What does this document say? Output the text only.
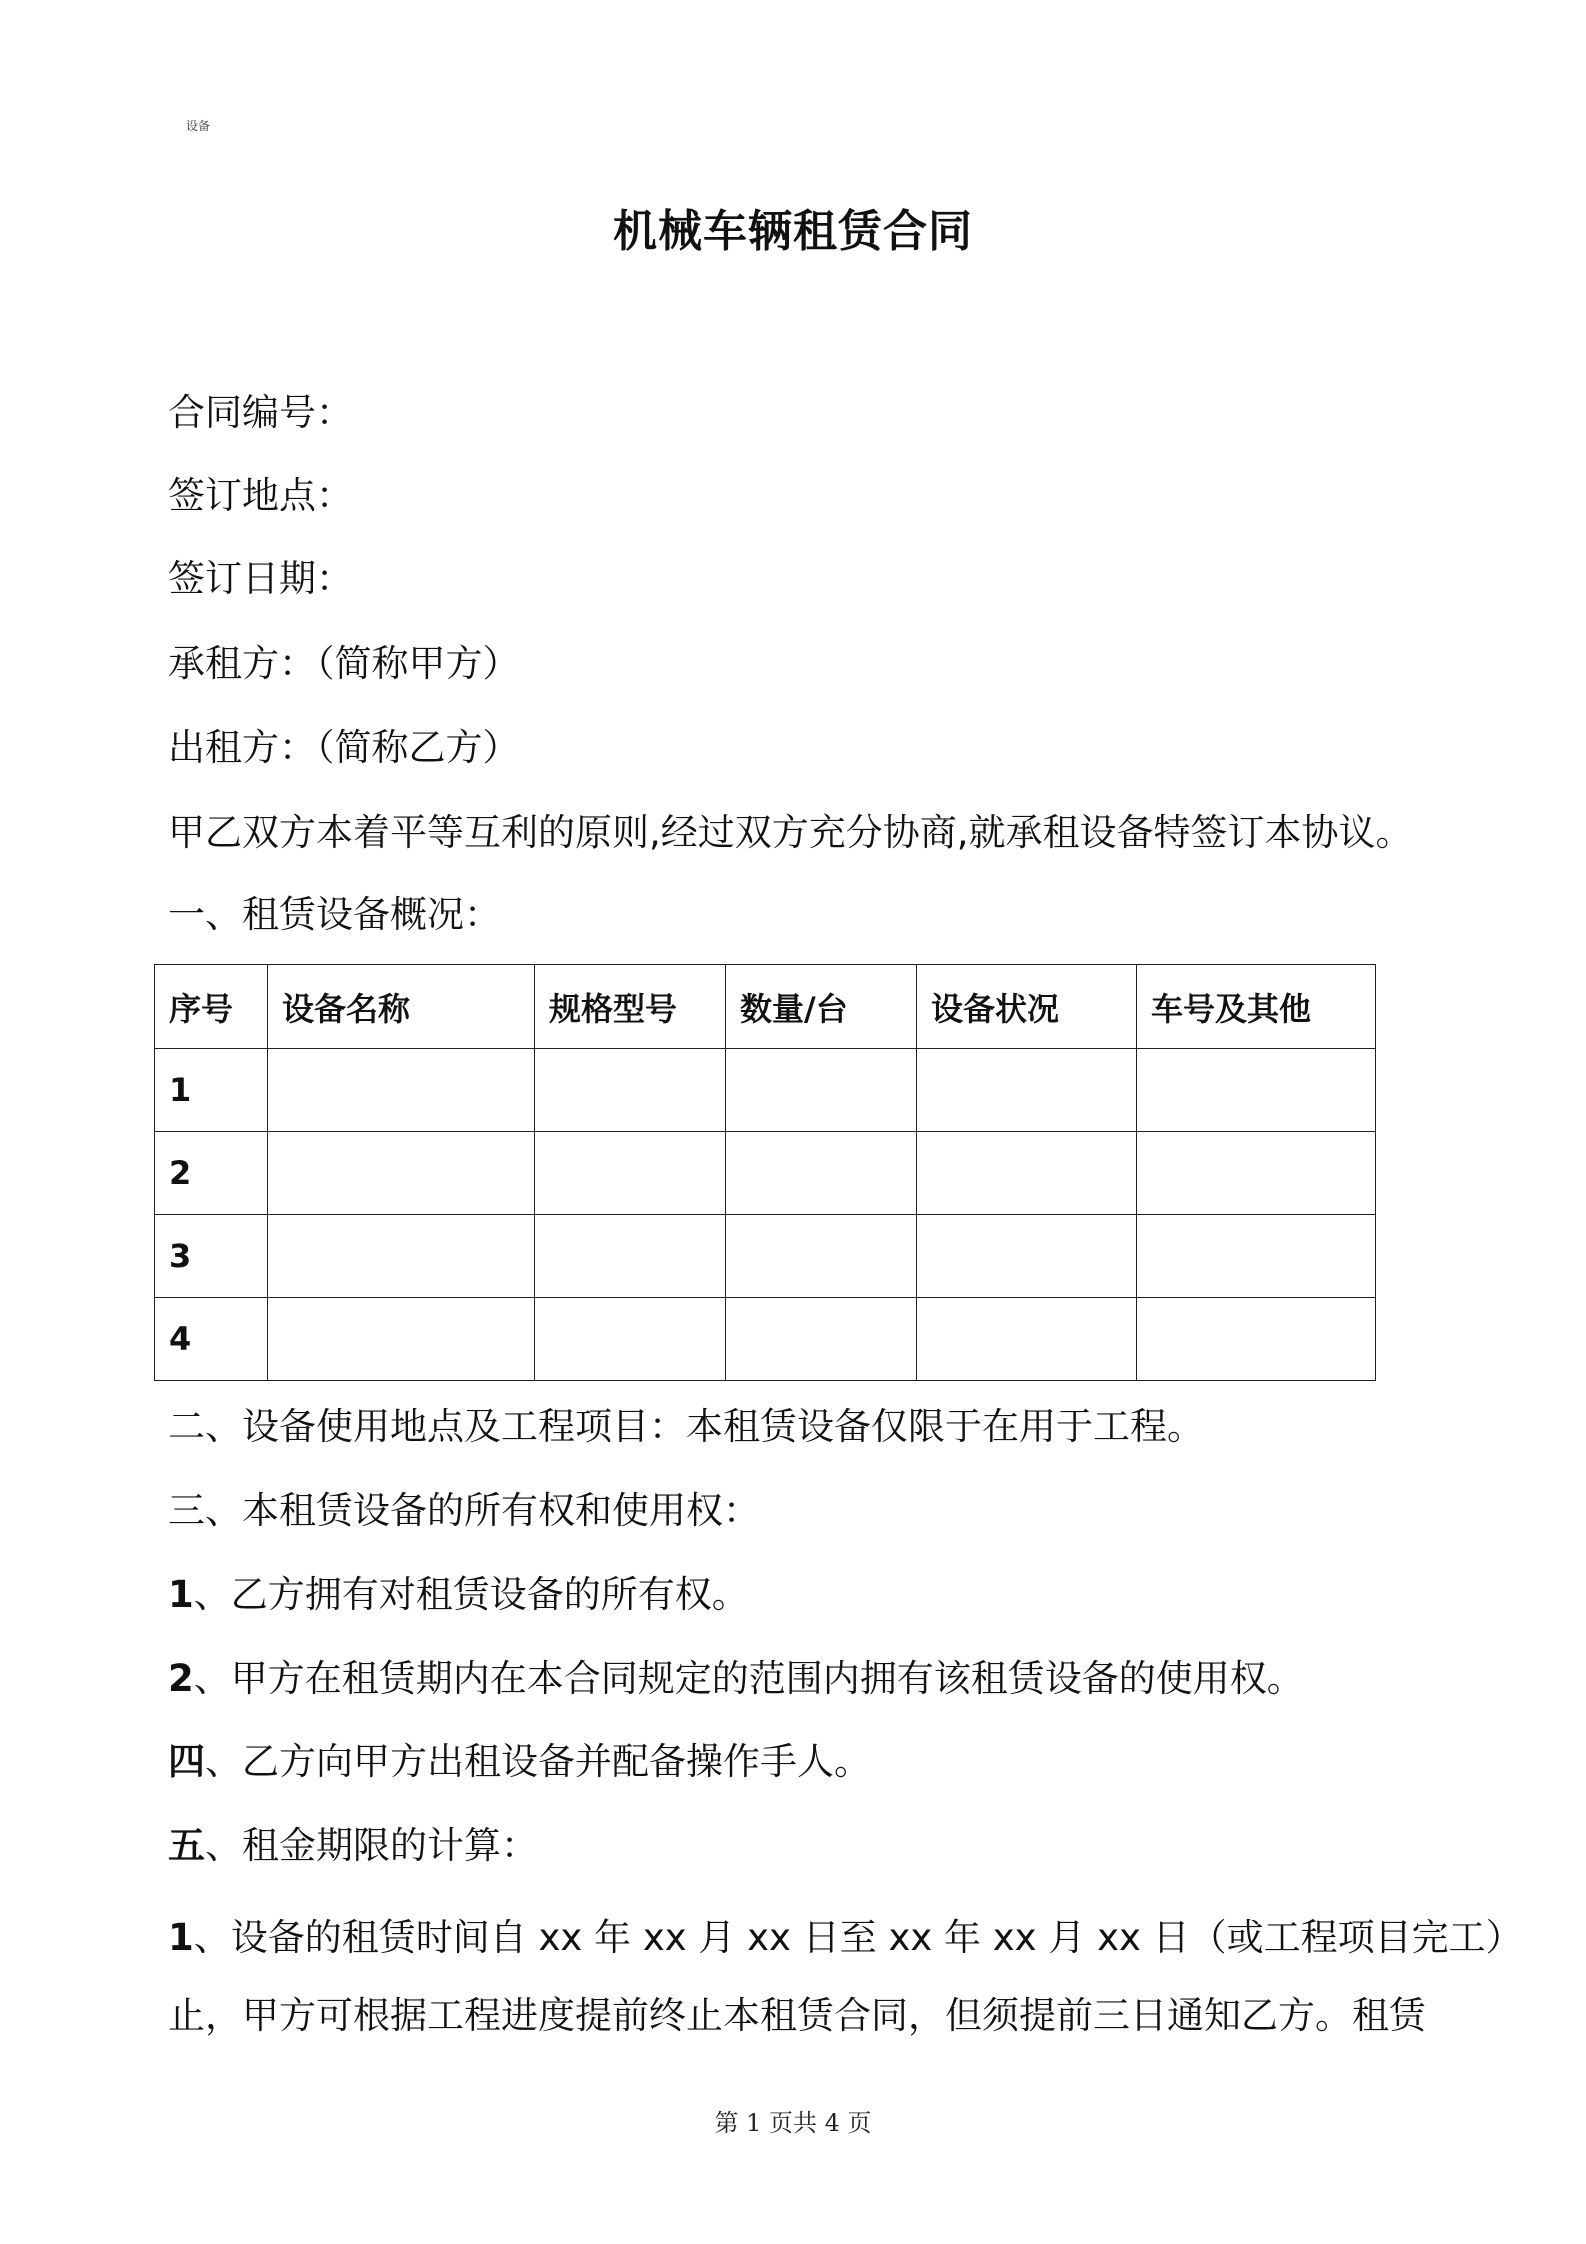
设备
机械车辆租赁合同
合同编号：
签订地点：
签订日期：
承租方：（简称甲方）
出租方：（简称乙方）
甲乙双方本着平等互利的原则,经过双方充分协商,就承租设备特签订本协议。
一、租赁设备概况：
序号	设备名称	规格型号	数量/台	设备状况	车号及其他
1					
2					
3					
4					
二、设备使用地点及工程项目：本租赁设备仅限于在用于工程。
三、本租赁设备的所有权和使用权：
1、乙方拥有对租赁设备的所有权。
2、甲方在租赁期内在本合同规定的范围内拥有该租赁设备的使用权。
四、乙方向甲方出租设备并配备操作手人。
五、租金期限的计算：
1、设备的租赁时间自 xx 年 xx 月 xx 日至 xx 年 xx 月 xx 日（或工程项目完工）
止，甲方可根据工程进度提前终止本租赁合同，但须提前三日通知乙方。租赁
第 1 页共 4 页
